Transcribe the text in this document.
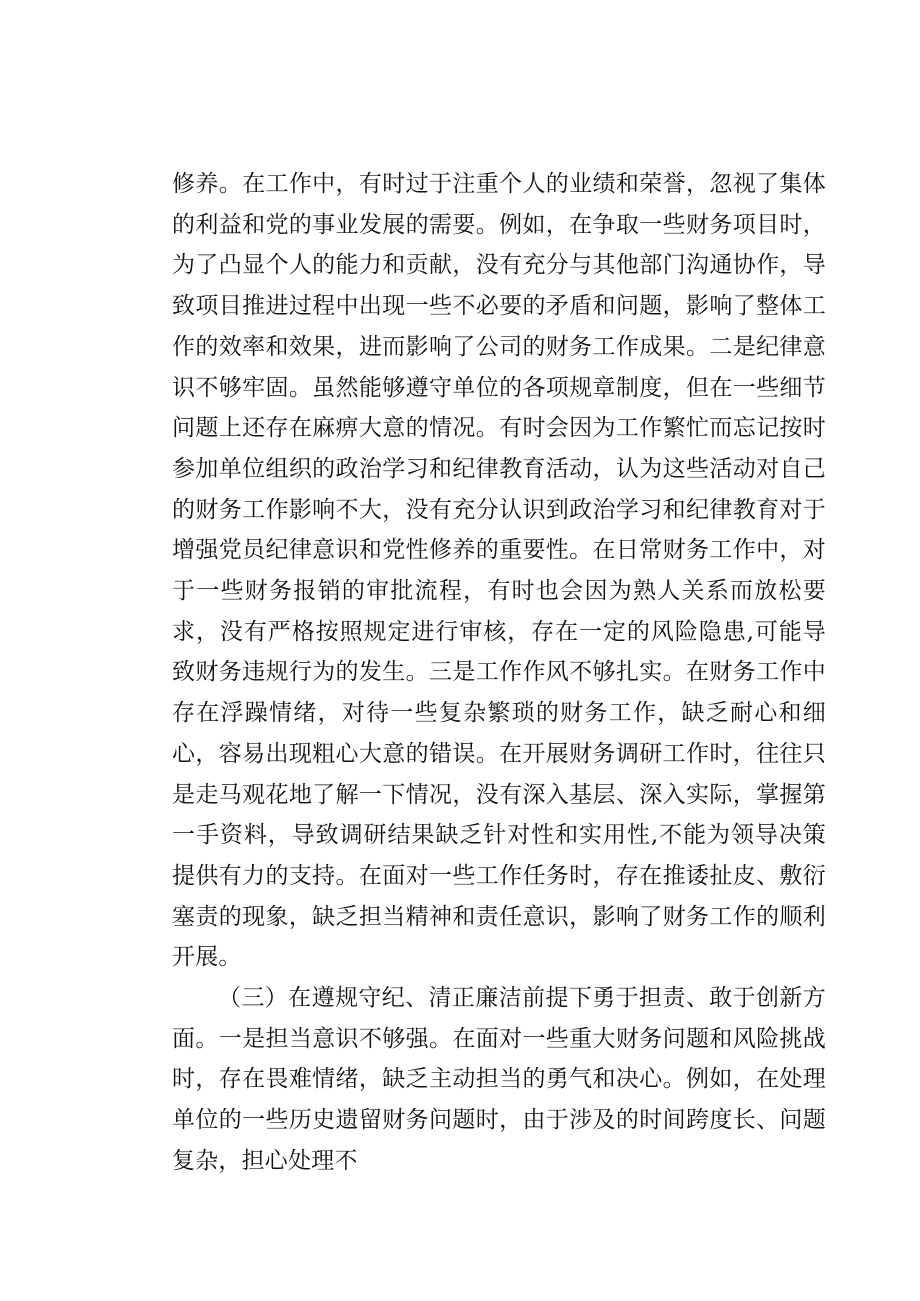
修养。在工作中，有时过于注重个人的业绩和荣誉，忽视了集体的利益和党的事业发展的需要。例如，在争取一些财务项目时，为了凸显个人的能力和贡献，没有充分与其他部门沟通协作，导致项目推进过程中出现一些不必要的矛盾和问题，影响了整体工作的效率和效果，进而影响了公司的财务工作成果。二是纪律意识不够牢固。虽然能够遵守单位的各项规章制度，但在一些细节问题上还存在麻痹大意的情况。有时会因为工作繁忙而忘记按时参加单位组织的政治学习和纪律教育活动，认为这些活动对自己的财务工作影响不大，没有充分认识到政治学习和纪律教育对于增强党员纪律意识和党性修养的重要性。在日常财务工作中，对于一些财务报销的审批流程，有时也会因为熟人关系而放松要求，没有严格按照规定进行审核，存在一定的风险隐患,可能导致财务违规行为的发生。三是工作作风不够扎实。在财务工作中存在浮躁情绪，对待一些复杂繁琐的财务工作，缺乏耐心和细心，容易出现粗心大意的错误。在开展财务调研工作时，往往只是走马观花地了解一下情况，没有深入基层、深入实际，掌握第一手资料，导致调研结果缺乏针对性和实用性,不能为领导决策提供有力的支持。在面对一些工作任务时，存在推诿扯皮、敷衍塞责的现象，缺乏担当精神和责任意识，影响了财务工作的顺利开展。

（三）在遵规守纪、清正廉洁前提下勇于担责、敢于创新方面。一是担当意识不够强。在面对一些重大财务问题和风险挑战时，存在畏难情绪，缺乏主动担当的勇气和决心。例如，在处理单位的一些历史遗留财务问题时，由于涉及的时间跨度长、问题复杂，担心处理不
